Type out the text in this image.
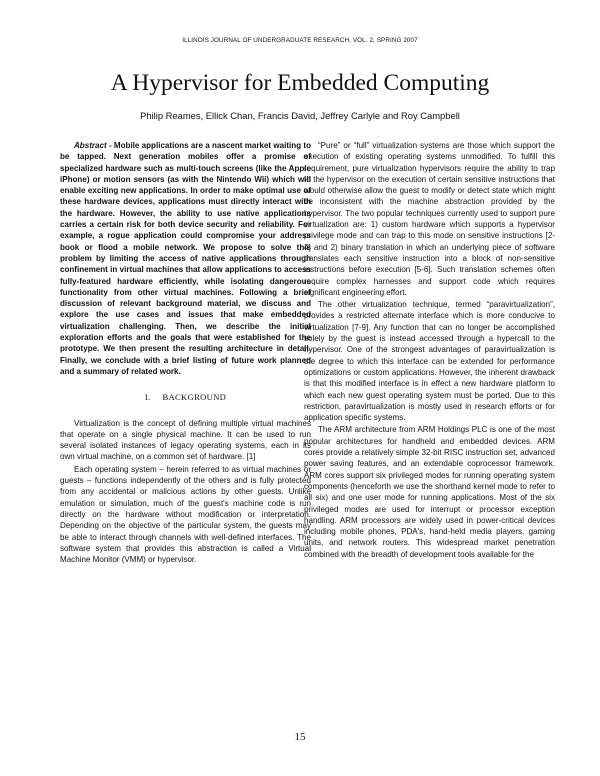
ILLINOIS JOURNAL OF UNDERGRADUATE RESEARCH, VOL. 2, SPRING 2007
A Hypervisor for Embedded Computing
Philip Reames, Ellick Chan, Francis David, Jeffrey Carlyle and Roy Campbell

Abstract - Mobile applications are a nascent market waiting to be tapped. Next generation mobiles offer a promise of specialized hardware such as multi-touch screens (like the Apple iPhone) or motion sensors (as with the Nintendo Wii) which will enable exciting new applications. In order to make optimal use of these hardware devices, applications must directly interact with the hardware. However, the ability to use native applications carries a certain risk for both device security and reliability. For example, a rogue application could compromise your address book or flood a mobile network. We propose to solve this problem by limiting the access of native applications through confinement in virtual machines that allow applications to access fully-featured hardware efficiently, while isolating dangerous functionality from other virtual machines. Following a brief discussion of relevant background material, we discuss and explore the use cases and issues that make embedded virtualization challenging. Then, we describe the initial exploration efforts and the goals that were established for the prototype. We then present the resulting architecture in detail. Finally, we conclude with a brief listing of future work planned and a summary of related work.

I. BACKGROUND

Virtualization is the concept of defining multiple virtual machines that operate on a single physical machine. It can be used to run several isolated instances of legacy operating systems, each in its own virtual machine, on a common set of hardware. [1]

Each operating system – herein referred to as virtual machines or guests – functions independently of the others and is fully protected from any accidental or malicious actions by other guests. Unlike emulation or simulation, much of the guest's machine code is run directly on the hardware without modification or interpretation. Depending on the objective of the particular system, the guests may be able to interact through channels with well-defined interfaces. The software system that provides this abstraction is called a Virtual Machine Monitor (VMM) or hypervisor.

“Pure” or “full” virtualization systems are those which support the execution of existing operating systems unmodified. To fulfill this requirement, pure virtualization hypervisors require the ability to trap to the hypervisor on the execution of certain sensitive instructions that would otherwise allow the guest to modify or detect state which might be inconsistent with the machine abstraction provided by the hypervisor. The two popular techniques currently used to support pure virtualization are: 1) custom hardware which supports a hypervisor privilege mode and can trap to this mode on sensitive instructions [2-4] and 2) binary translation in which an underlying piece of software translates each sensitive instruction into a block of non-sensitive instructions before execution [5-6]. Such translation schemes often require complex harnesses and support code which requires significant engineering effort.

The other virtualization technique, termed “paravirtualization”, provides a restricted alternate interface which is more conducive to virtualization [7-9]. Any function that can no longer be accomplished solely by the guest is instead accessed through a hypercall to the hypervisor. One of the strongest advantages of paravirtualization is the degree to which this interface can be extended for performance optimizations or custom applications. However, the inherent drawback is that this modified interface is in effect a new hardware platform to which each new guest operating system must be ported. Due to this restriction, paravirtualization is mostly used in research efforts or for application specific systems.

The ARM architecture from ARM Holdings PLC is one of the most popular architectures for handheld and embedded devices. ARM cores provide a relatively simple 32-bit RISC instruction set, advanced power saving features, and an extendable coprocessor framework. ARM cores support six privileged modes for running operating system components (henceforth we use the shorthand kernel mode to refer to all six) and one user mode for running applications. Most of the six privileged modes are used for interrupt or processor exception handling. ARM processors are widely used in power-critical devices including mobile phones, PDA's, hand-held media players, gaming units, and network routers. This widespread market penetration combined with the breadth of development tools available for the

15
